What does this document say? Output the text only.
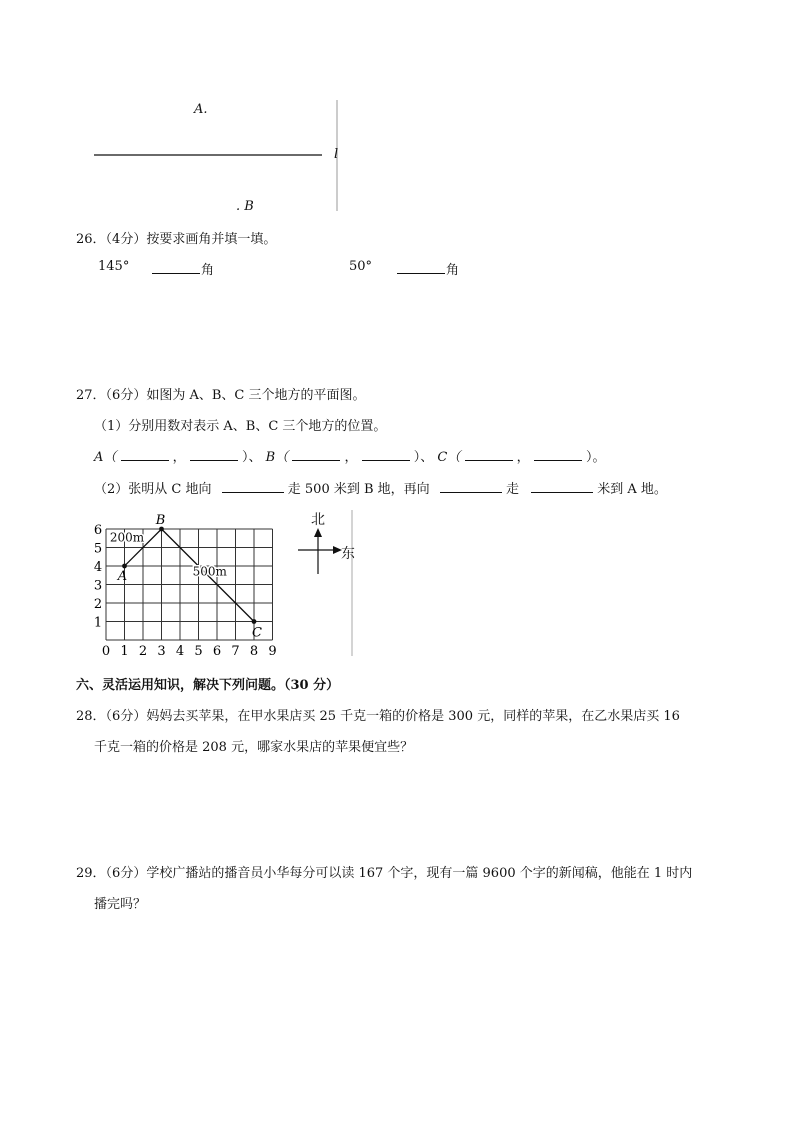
A.
l
. B
26．（4分）按要求画角并填一填。
145°	角	50°	角
27．（6分）如图为 A、B、C 三个地方的平面图。
（1）分别用数对表示 A、B、C 三个地方的位置。
A（	，	）、 B（	，	）、 C（	，	）。
（2）张明从 C 地向	走 500 米到 B 地，再向	走	米到 A 地。
0 1 2 3 4 5 6 7 8 9
1
2
3
4
5
6 200m
500m
A
B
C
北
东
六、灵活运用知识，解决下列问题。（30 分）
28．（6分）妈妈去买苹果，在甲水果店买 25 千克一箱的价格是 300 元，同样的苹果，在乙水果店买 16
千克一箱的价格是 208 元，哪家水果店的苹果便宜些？
29．（6分）学校广播站的播音员小华每分可以读 167 个字，现有一篇 9600 个字的新闻稿，他能在 1 时内
播完吗？
